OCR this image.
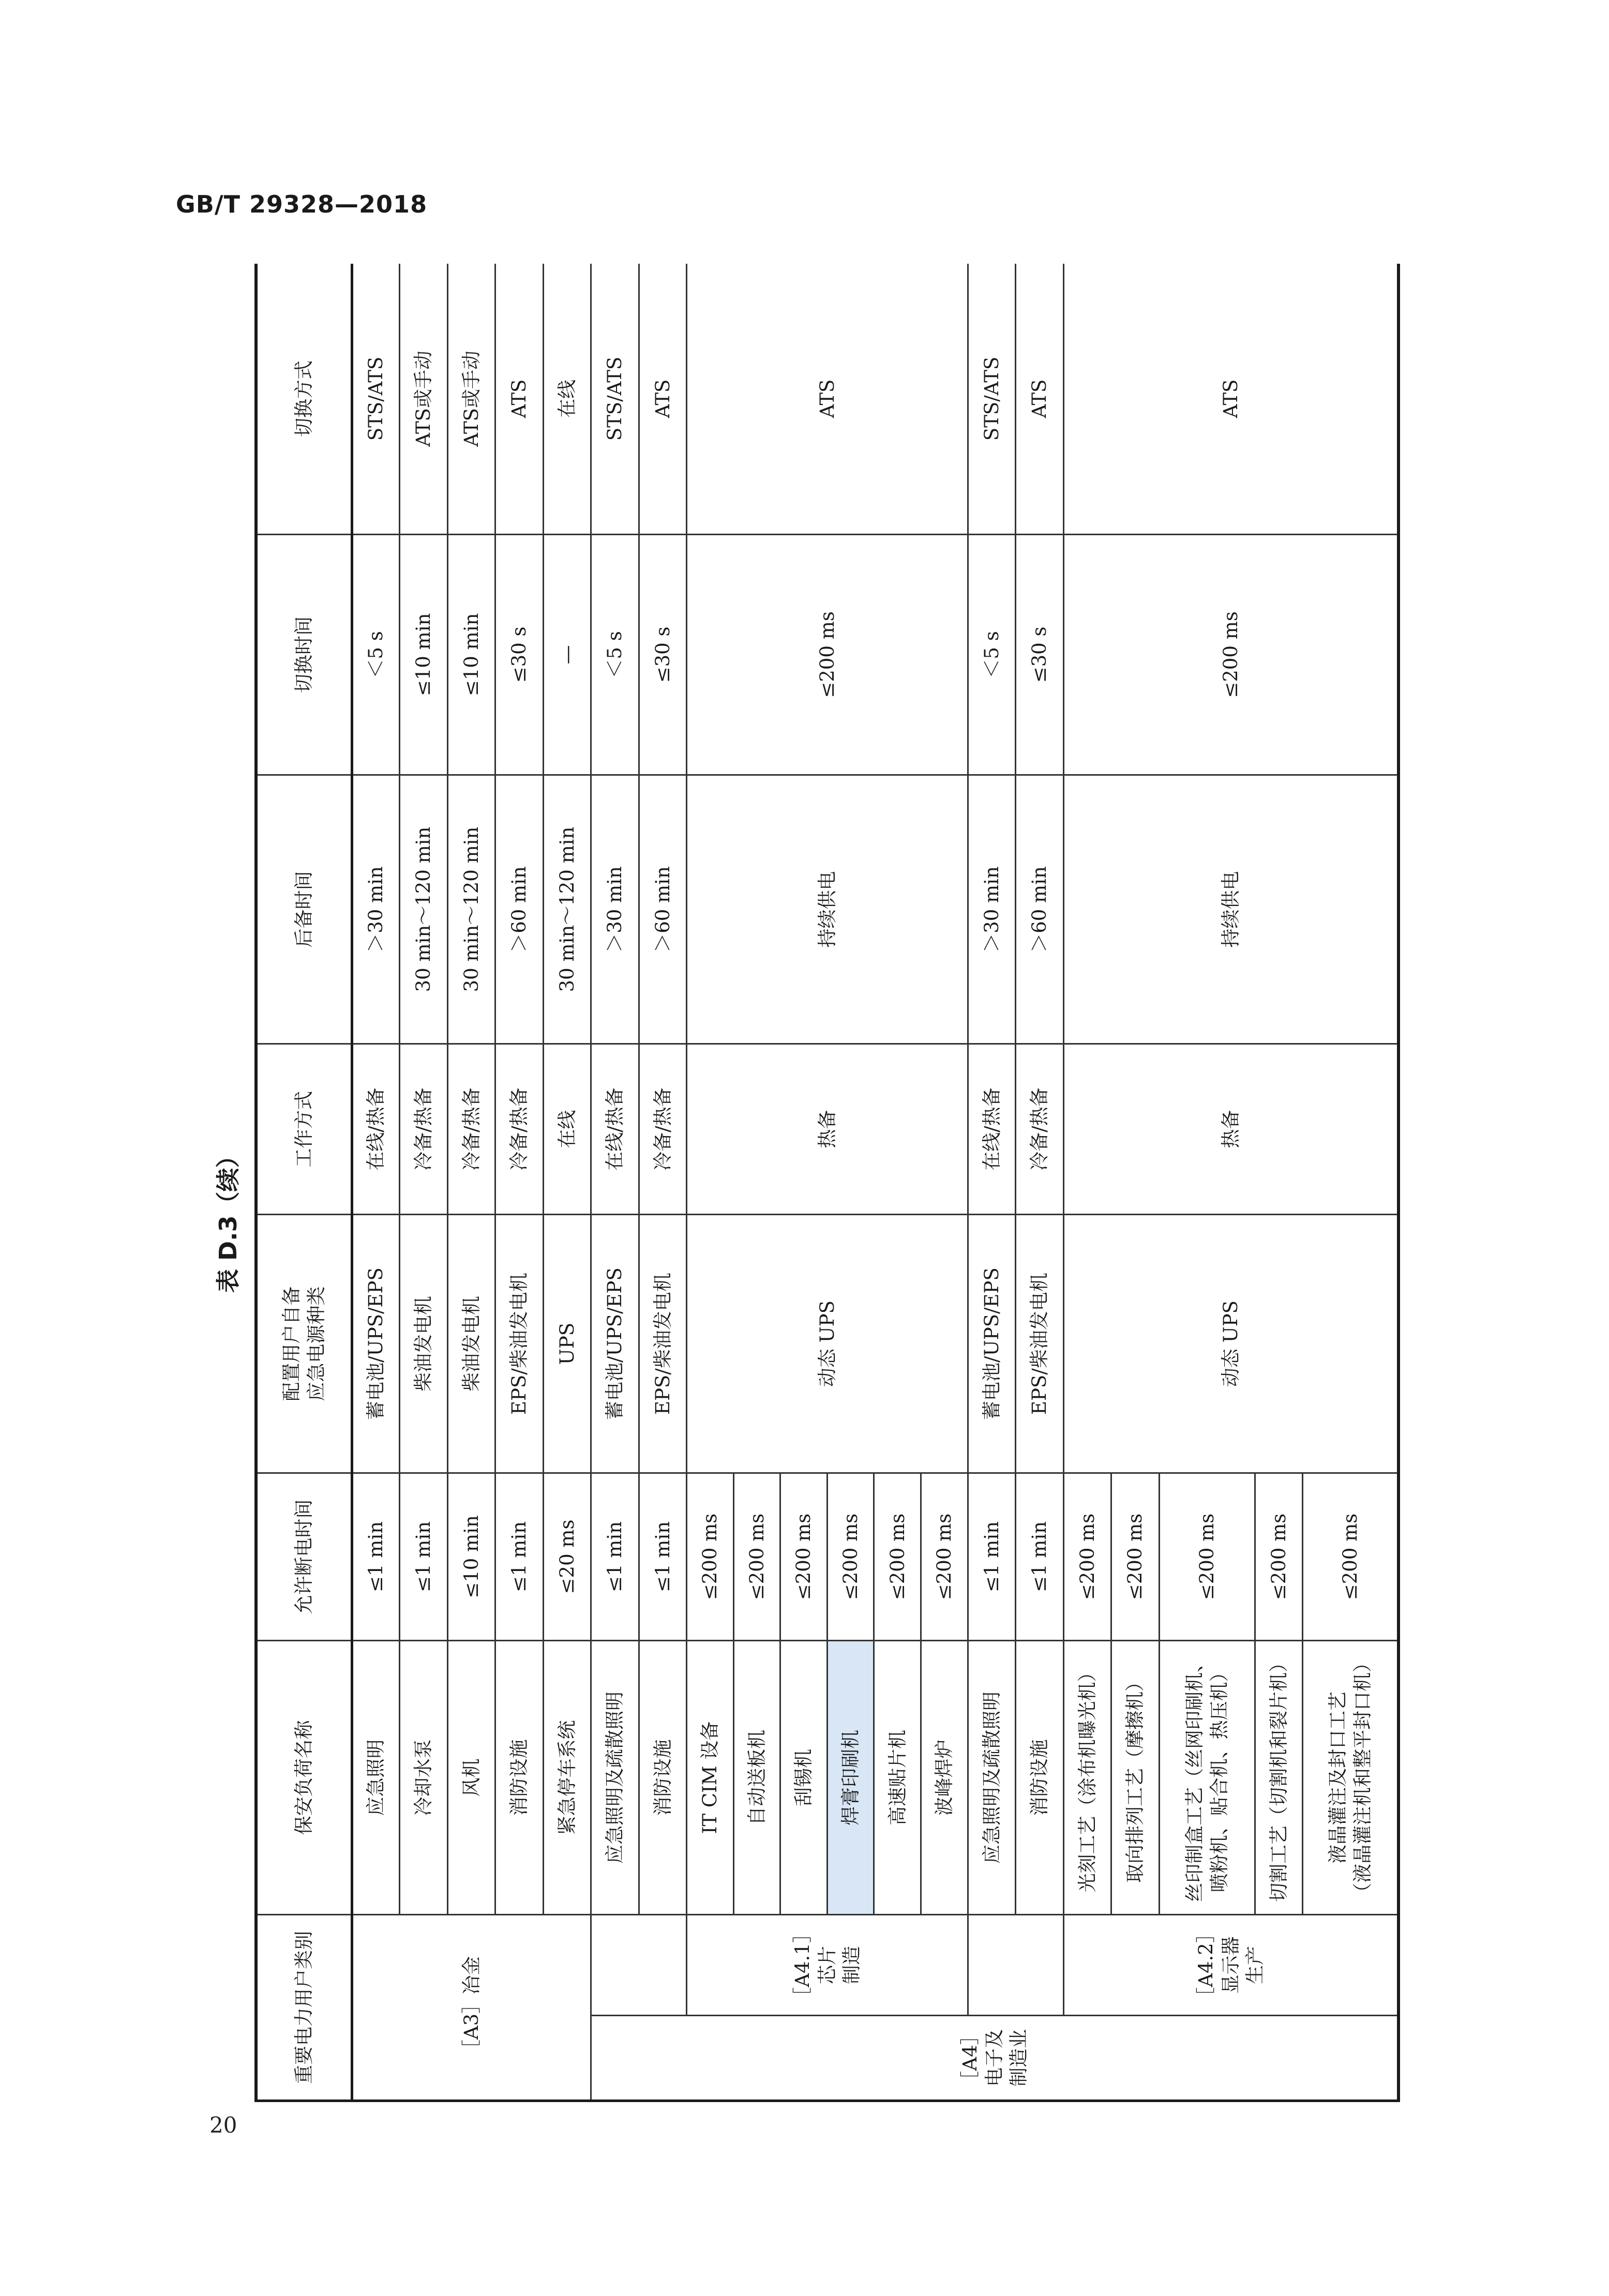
GB/T 29328—2018
表 D.3（续）
20
重要电力用户类别		保安负荷名称	允许断电时间	配置用户自备 应急电源种类	工作方式	后备时间	切换时间	切换方式
［A3］冶金		应急照明	≤1 min	蓄电池/UPS/EPS	在线/热备	＞30 min	＜5 s	STS/ATS
		冷却水泵	≤1 min	柴油发电机	冷备/热备	30 min～120 min	≤10 min	ATS或手动
		风机	≤10 min	柴油发电机	冷备/热备	30 min～120 min	≤10 min	ATS或手动
		消防设施	≤1 min	EPS/柴油发电机	冷备/热备	＞60 min	≤30 s	ATS
		紧急停车系统	≤20 ms	UPS	在线	30 min～120 min	—	在线

［A4］ 电子及 制造业		应急照明及疏散照明	≤1 min	蓄电池/UPS/EPS	在线/热备	＞30 min	＜5 s	STS/ATS
		消防设施	≤1 min	EPS/柴油发电机	冷备/热备	＞60 min	≤30 s	ATS

	［A4.1］ 芯片 制造	IT CIM 设备	≤200 ms	动态 UPS	热备	持续供电	≤200 ms	ATS
		自动送板机	≤200 ms					
		刮锡机	≤200 ms					
		焊膏印刷机	≤200 ms					
		高速贴片机	≤200 ms					
		波峰焊炉	≤200 ms					
		应急照明及疏散照明	≤1 min	蓄电池/UPS/EPS	在线/热备	＞30 min	＜5 s	STS/ATS
		消防设施	≤1 min	EPS/柴油发电机	冷备/热备	＞60 min	≤30 s	ATS

	［A4.2］ 显示器 生产	光刻工艺（涂布机曝光机）	≤200 ms	动态 UPS	热备	持续供电	≤200 ms	ATS
		取向排列工艺（摩擦机）	≤200 ms					

		丝印制盒工艺（丝网印刷机、 喷粉机、贴合机、热压机）	≤200 ms					

		切割工艺（切割机和裂片机）	≤200 ms					

		液晶灌注及封口工艺 （液晶灌注机和整平封口机）	≤200 ms					
